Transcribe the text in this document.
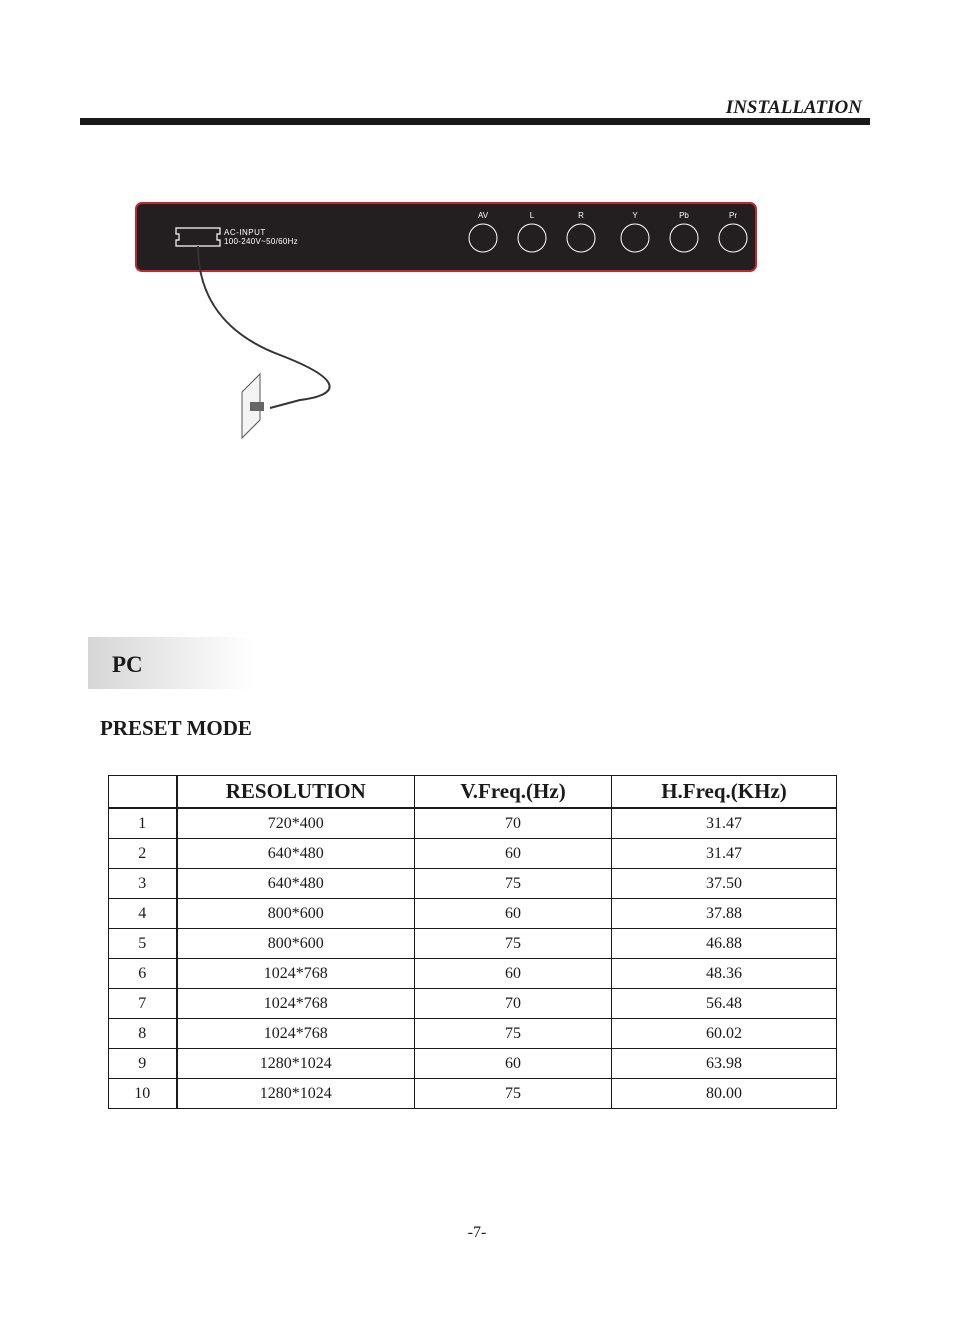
INSTALLATION
AC-INPUT
100-240V~50/60Hz
AV	L	R	Y	Pb	Pr
PC
PRESET MODE
	RESOLUTION	V.Freq.(Hz)	H.Freq.(KHz)
1	720*400	70	31.47
2	640*480	60	31.47
3	640*480	75	37.50
4	800*600	60	37.88
5	800*600	75	46.88
6	1024*768	60	48.36
7	1024*768	70	56.48
8	1024*768	75	60.02
9	1280*1024	60	63.98
10	1280*1024	75	80.00
-7-
